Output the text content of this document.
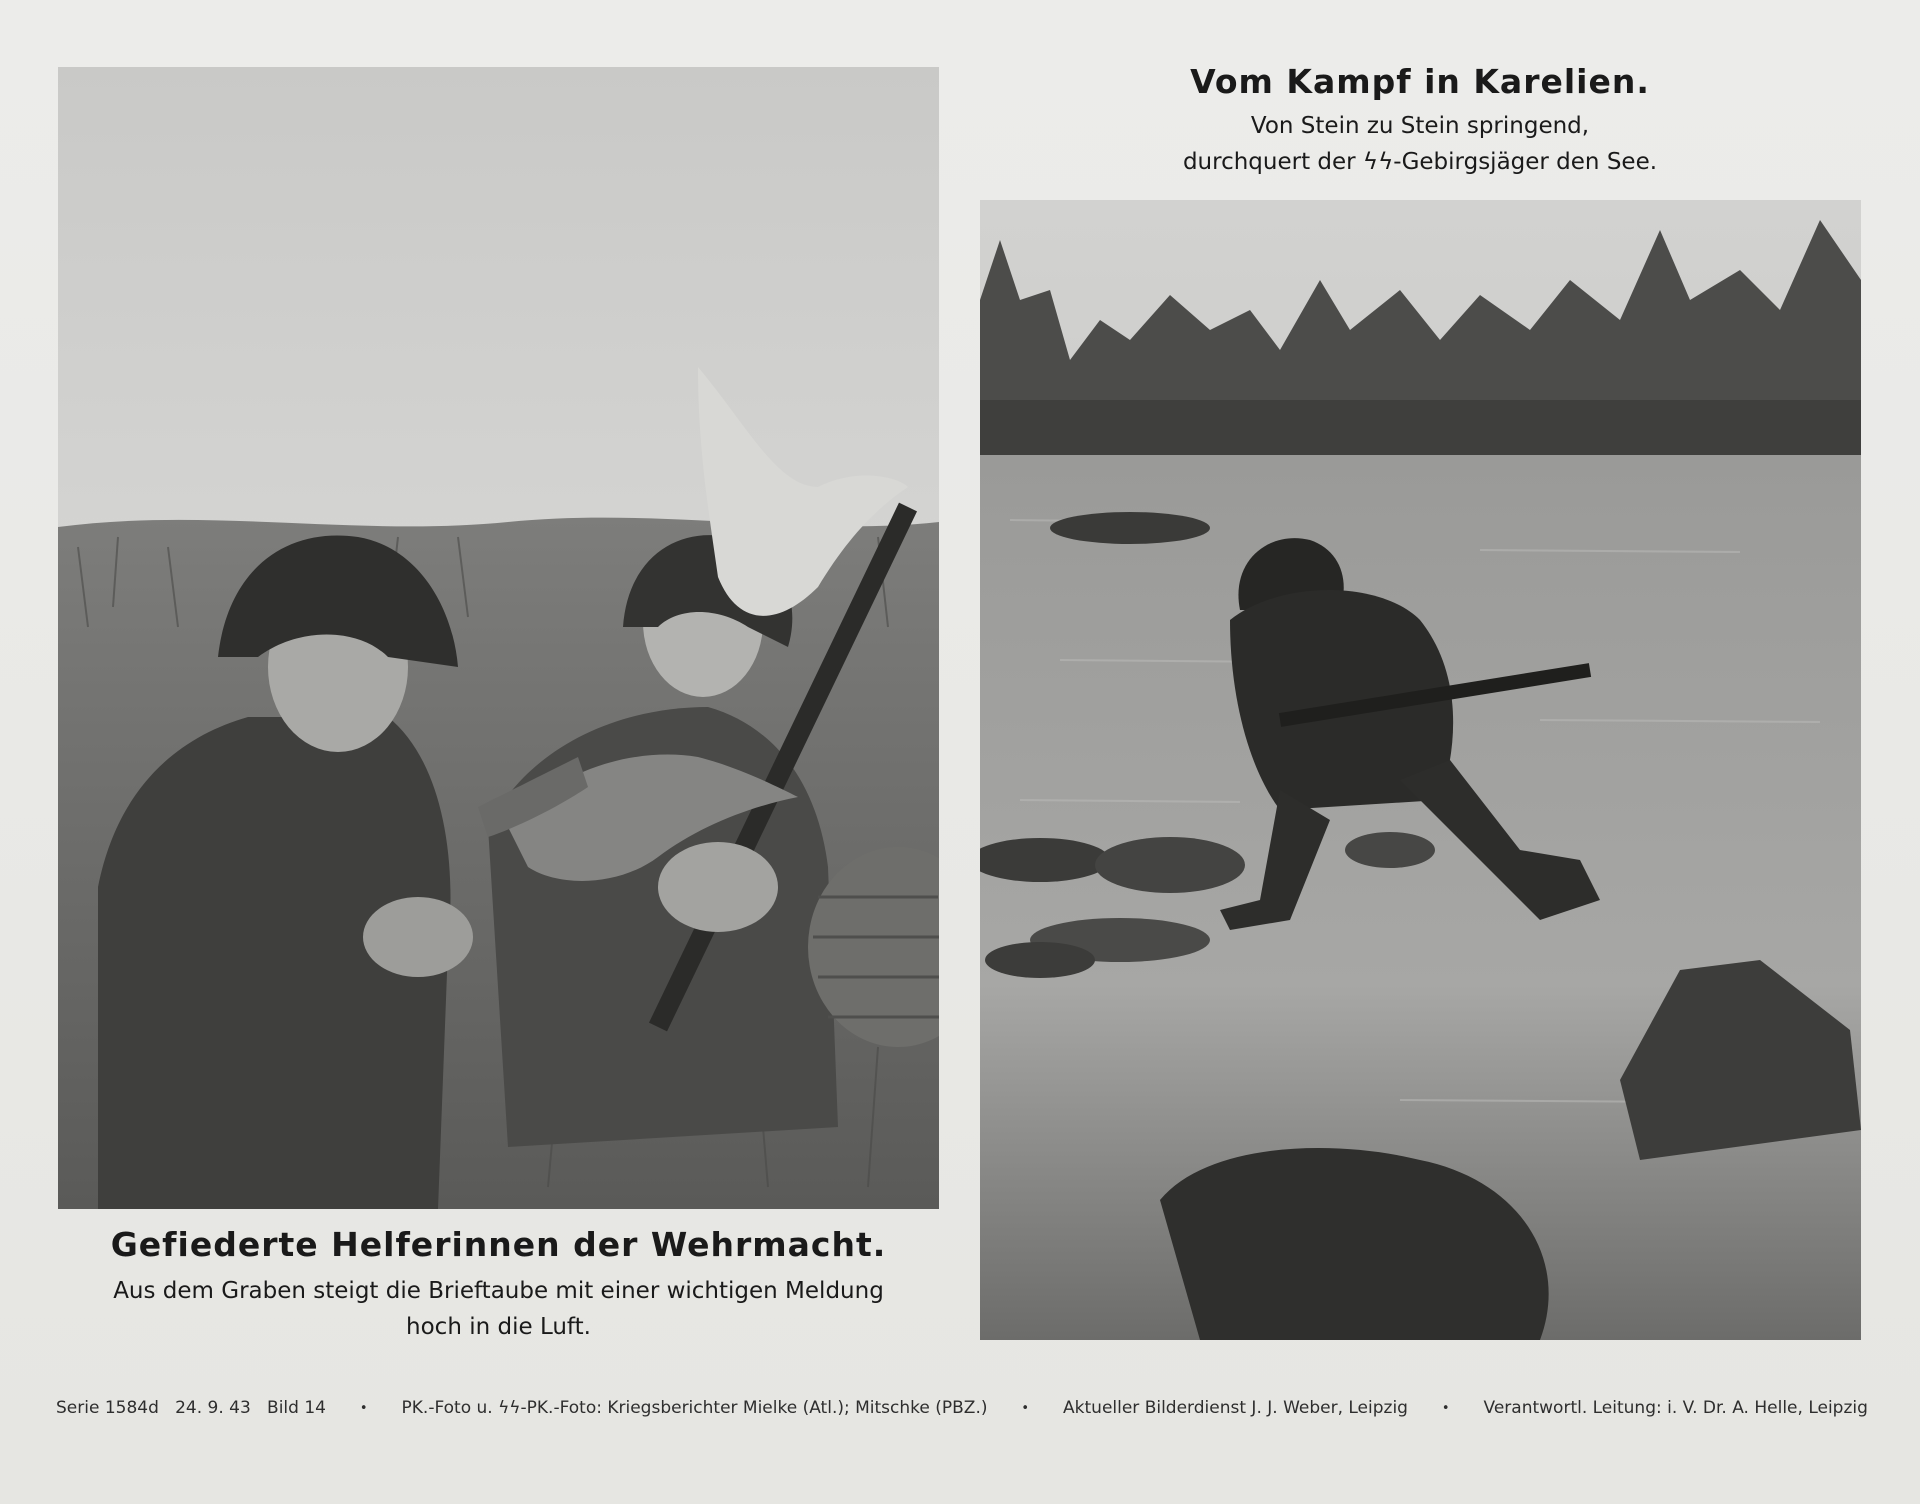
Vom Kampf in Karelien.

Von Stein zu Stein springend,
durchquert der ϟϟ-Gebirgsjäger den See.

Gefiederte Helferinnen der Wehrmacht.

Aus dem Graben steigt die Brieftaube mit einer wichtigen Meldung
hoch in die Luft.

Serie 1584d 24. 9. 43 Bild 14	• PK.-Foto u. ϟϟ-PK.-Foto: Kriegsberichter Mielke (Atl.); Mitschke (PBZ.)	• Aktueller Bilderdienst J. J. Weber, Leipzig	• Verantwortl. Leitung: i. V. Dr. A. Helle, Leipzig
